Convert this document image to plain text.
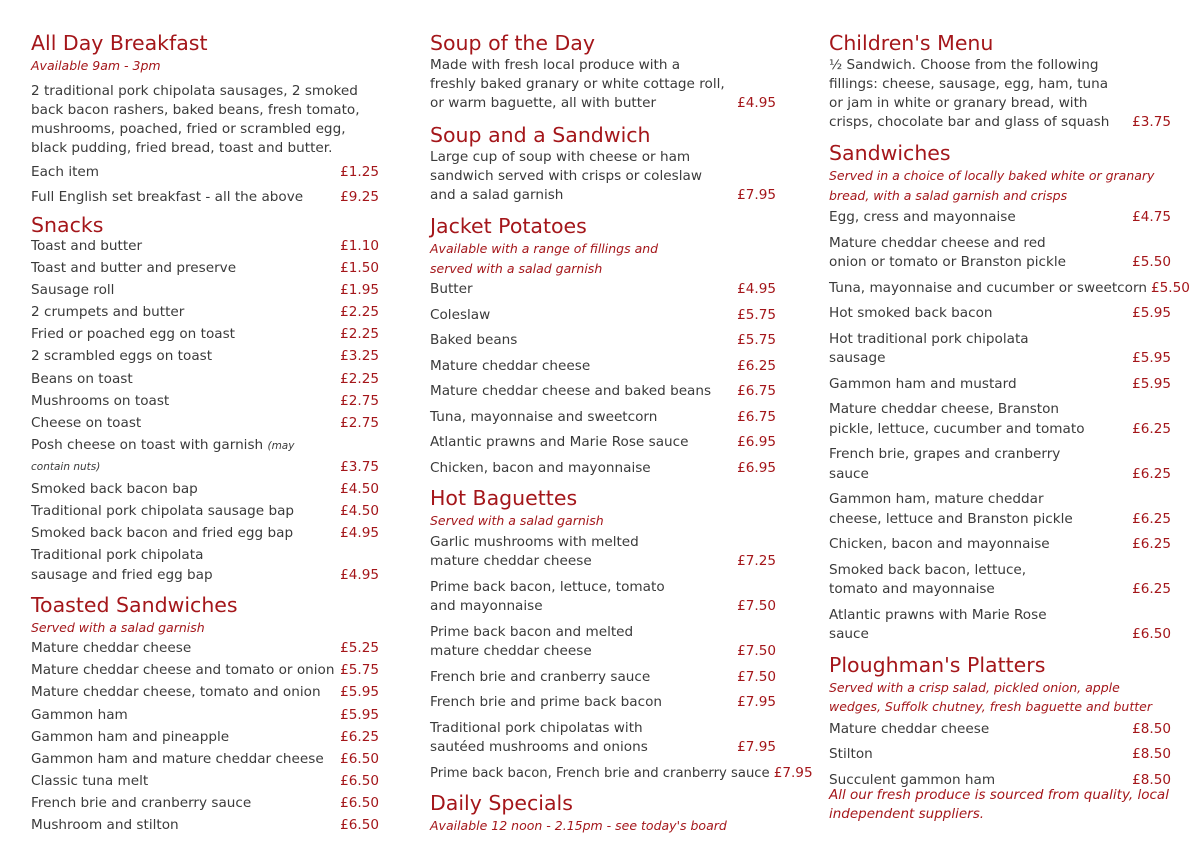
All Day Breakfast
Available 9am - 3pm
2 traditional pork chipolata sausages, 2 smoked back bacon rashers, baked beans, fresh tomato, mushrooms, poached, fried or scrambled egg, black pudding, fried bread, toast and butter.
Each item	£1.25
Full English set breakfast - all the above	£9.25
Snacks
Toast and butter	£1.10
Toast and butter and preserve	£1.50
Sausage roll	£1.95
2 crumpets and butter	£2.25
Fried or poached egg on toast	£2.25
2 scrambled eggs on toast	£3.25
Beans on toast	£2.25
Mushrooms on toast	£2.75
Cheese on toast	£2.75
Posh cheese on toast with garnish (may contain nuts)	£3.75
Smoked back bacon bap	£4.50
Traditional pork chipolata sausage bap	£4.50
Smoked back bacon and fried egg bap	£4.95
Traditional pork chipolata sausage and fried egg bap	£4.95
Toasted Sandwiches
Served with a salad garnish
Mature cheddar cheese	£5.25
Mature cheddar cheese and tomato or onion £5.75
Mature cheddar cheese, tomato and onion	£5.95
Gammon ham	£5.95
Gammon ham and pineapple	£6.25
Gammon ham and mature cheddar cheese	£6.50
Classic tuna melt	£6.50
French brie and cranberry sauce	£6.50
Mushroom and stilton	£6.50
Soup of the Day
Made with fresh local produce with a freshly baked granary or white cottage roll, or warm baguette, all with butter	£4.95
Soup and a Sandwich
Large cup of soup with cheese or ham sandwich served with crisps or coleslaw and a salad garnish	£7.95
Jacket Potatoes
Available with a range of fillings and served with a salad garnish
Butter	£4.95
Coleslaw	£5.75
Baked beans	£5.75
Mature cheddar cheese	£6.25
Mature cheddar cheese and baked beans	£6.75
Tuna, mayonnaise and sweetcorn	£6.75
Atlantic prawns and Marie Rose sauce	£6.95
Chicken, bacon and mayonnaise	£6.95
Hot Baguettes
Served with a salad garnish
Garlic mushrooms with melted mature cheddar cheese	£7.25
Prime back bacon, lettuce, tomato and mayonnaise	£7.50
Prime back bacon and melted mature cheddar cheese	£7.50
French brie and cranberry sauce	£7.50
French brie and prime back bacon	£7.95
Traditional pork chipolatas with sautéed mushrooms and onions	£7.95
Prime back bacon, French brie and cranberry sauce £7.95
Daily Specials
Available 12 noon - 2.15pm - see today's board
Children's Menu
½ Sandwich. Choose from the following fillings: cheese, sausage, egg, ham, tuna or jam in white or granary bread, with crisps, chocolate bar and glass of squash	£3.75
Sandwiches
Served in a choice of locally baked white or granary bread, with a salad garnish and crisps
Egg, cress and mayonnaise	£4.75
Mature cheddar cheese and red onion or tomato or Branston pickle	£5.50
Tuna, mayonnaise and cucumber or sweetcorn £5.50
Hot smoked back bacon	£5.95
Hot traditional pork chipolata sausage	£5.95
Gammon ham and mustard	£5.95
Mature cheddar cheese, Branston pickle, lettuce, cucumber and tomato	£6.25
French brie, grapes and cranberry sauce	£6.25
Gammon ham, mature cheddar cheese, lettuce and Branston pickle	£6.25
Chicken, bacon and mayonnaise	£6.25
Smoked back bacon, lettuce, tomato and mayonnaise	£6.25
Atlantic prawns with Marie Rose sauce	£6.50
Ploughman's Platters
Served with a crisp salad, pickled onion, apple wedges, Suffolk chutney, fresh baguette and butter
Mature cheddar cheese	£8.50
Stilton	£8.50
Succulent gammon ham	£8.50
All our fresh produce is sourced from quality, local independent suppliers.
